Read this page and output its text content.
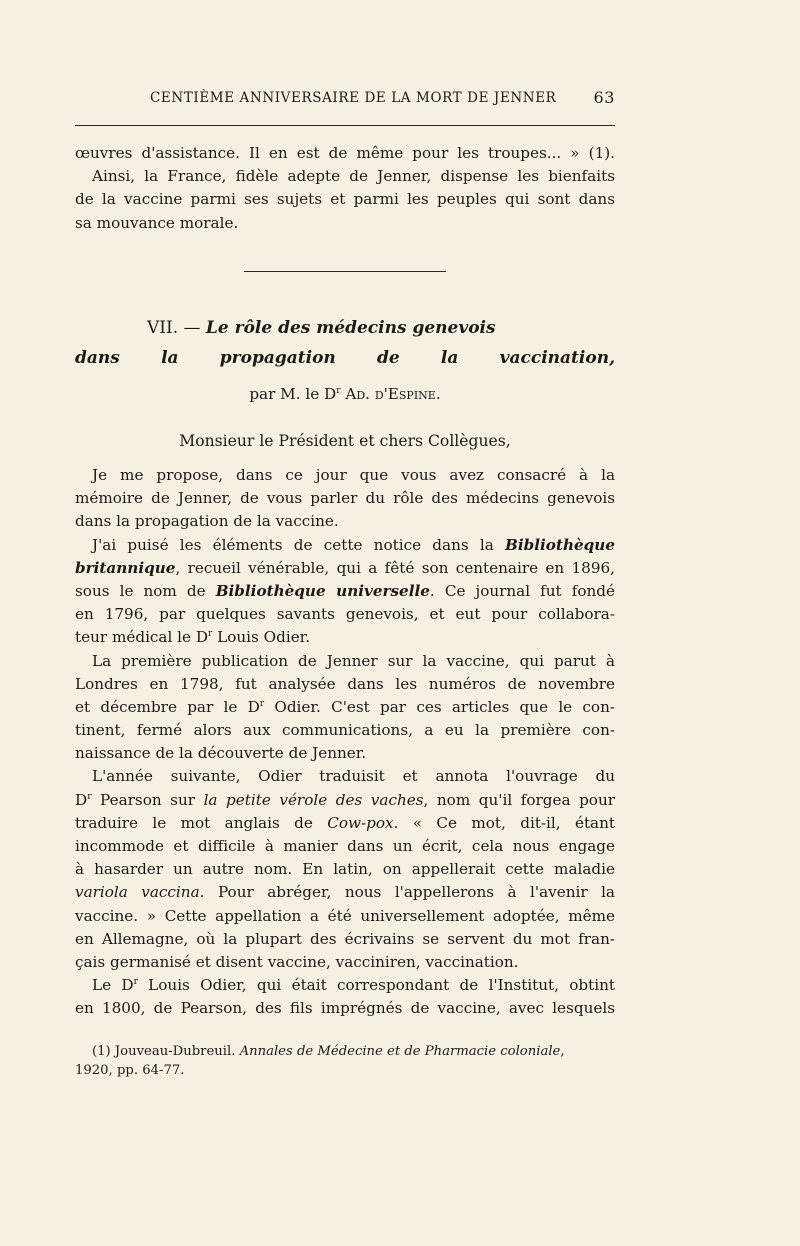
CENTIÈME ANNIVERSAIRE DE LA MORT DE JENNER 63
œuvres d'assistance. Il en est de même pour les troupes... » (1).
Ainsi, la France, fidèle adepte de Jenner, dispense les bienfaits
de la vaccine parmi ses sujets et parmi les peuples qui sont dans
sa mouvance morale.
VII. — Le rôle des médecins genevois
dans la propagation de la vaccination,
par M. le $D^r$ Ad. d'Espine.
Monsieur le Président et chers Collègues,
Je me propose, dans ce jour que vous avez consacré à la
mémoire de Jenner, de vous parler du rôle des médecins genevois
dans la propagation de la vaccine.
J'ai puisé les éléments de cette notice dans la Bibliothèque
britannique, recueil vénérable, qui a fêté son centenaire en 1896,
sous le nom de Bibliothèque universelle. Ce journal fut fondé
en 1796, par quelques savants genevois, et eut pour collabora-
teur médical le $D^r$ Louis Odier.
La première publication de Jenner sur la vaccine, qui parut à
Londres en 1798, fut analysée dans les numéros de novembre
et décembre par le $D^r$ Odier. C'est par ces articles que le con-
tinent, fermé alors aux communications, a eu la première con-
naissance de la découverte de Jenner.
L'année suivante, Odier traduisit et annota l'ouvrage du
$D^r$ Pearson sur la petite vérole des vaches, nom qu'il forgea pour
traduire le mot anglais de Cow-pox. « Ce mot, dit-il, étant
incommode et difficile à manier dans un écrit, cela nous engage
à hasarder un autre nom. En latin, on appellerait cette maladie
variola vaccina. Pour abréger, nous l'appellerons à l'avenir la
vaccine. » Cette appellation a été universellement adoptée, même
en Allemagne, où la plupart des écrivains se servent du mot fran-
çais germanisé et disent vaccine, vacciniren, vaccination.
Le $D^r$ Louis Odier, qui était correspondant de l'Institut, obtint
en 1800, de Pearson, des fils imprégnés de vaccine, avec lesquels
(1) Jouveau-Dubreuil. Annales de Médecine et de Pharmacie coloniale,
1920, pp. 64-77.
